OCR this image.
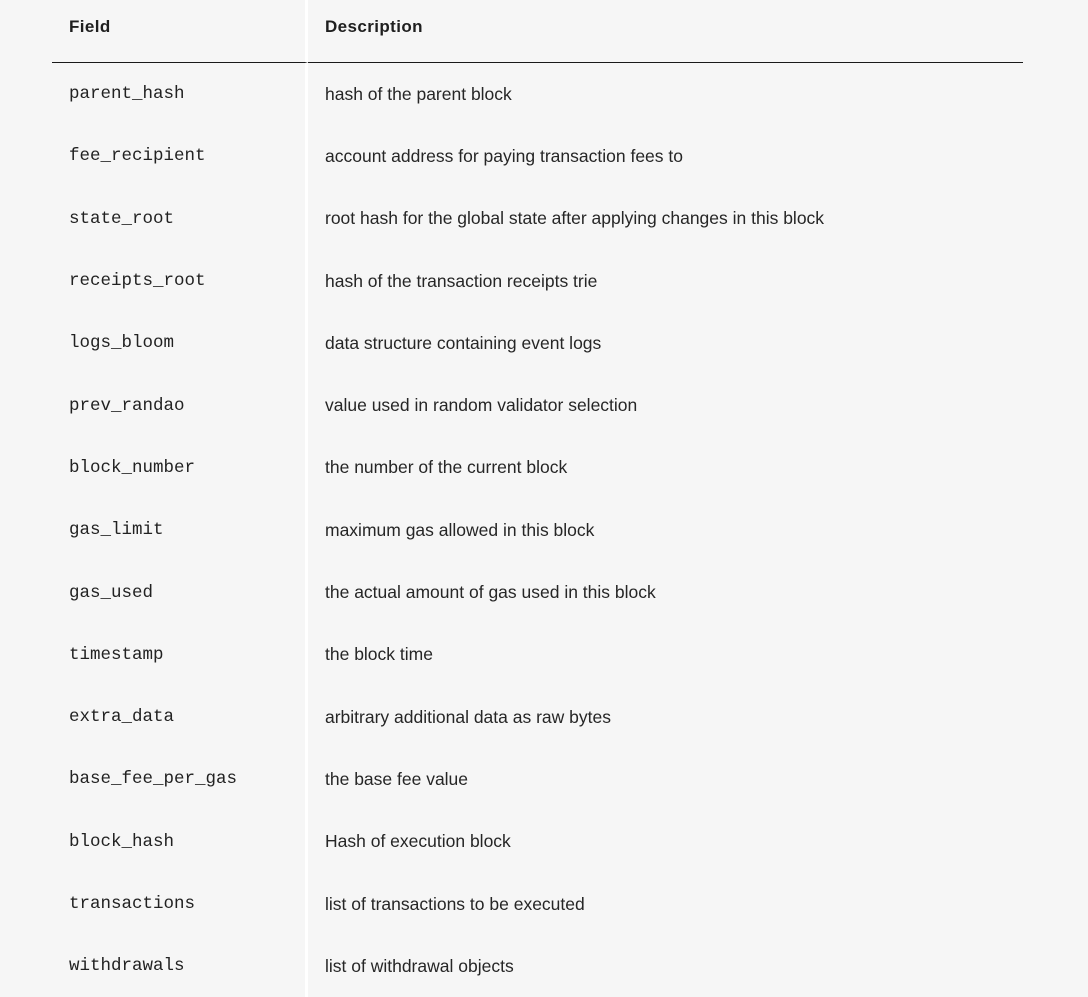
Field	Description
parent_hash	hash of the parent block
fee_recipient	account address for paying transaction fees to
state_root	root hash for the global state after applying changes in this block
receipts_root	hash of the transaction receipts trie
logs_bloom	data structure containing event logs
prev_randao	value used in random validator selection
block_number	the number of the current block
gas_limit	maximum gas allowed in this block
gas_used	the actual amount of gas used in this block
timestamp	the block time
extra_data	arbitrary additional data as raw bytes
base_fee_per_gas	the base fee value
block_hash	Hash of execution block
transactions	list of transactions to be executed
withdrawals	list of withdrawal objects
